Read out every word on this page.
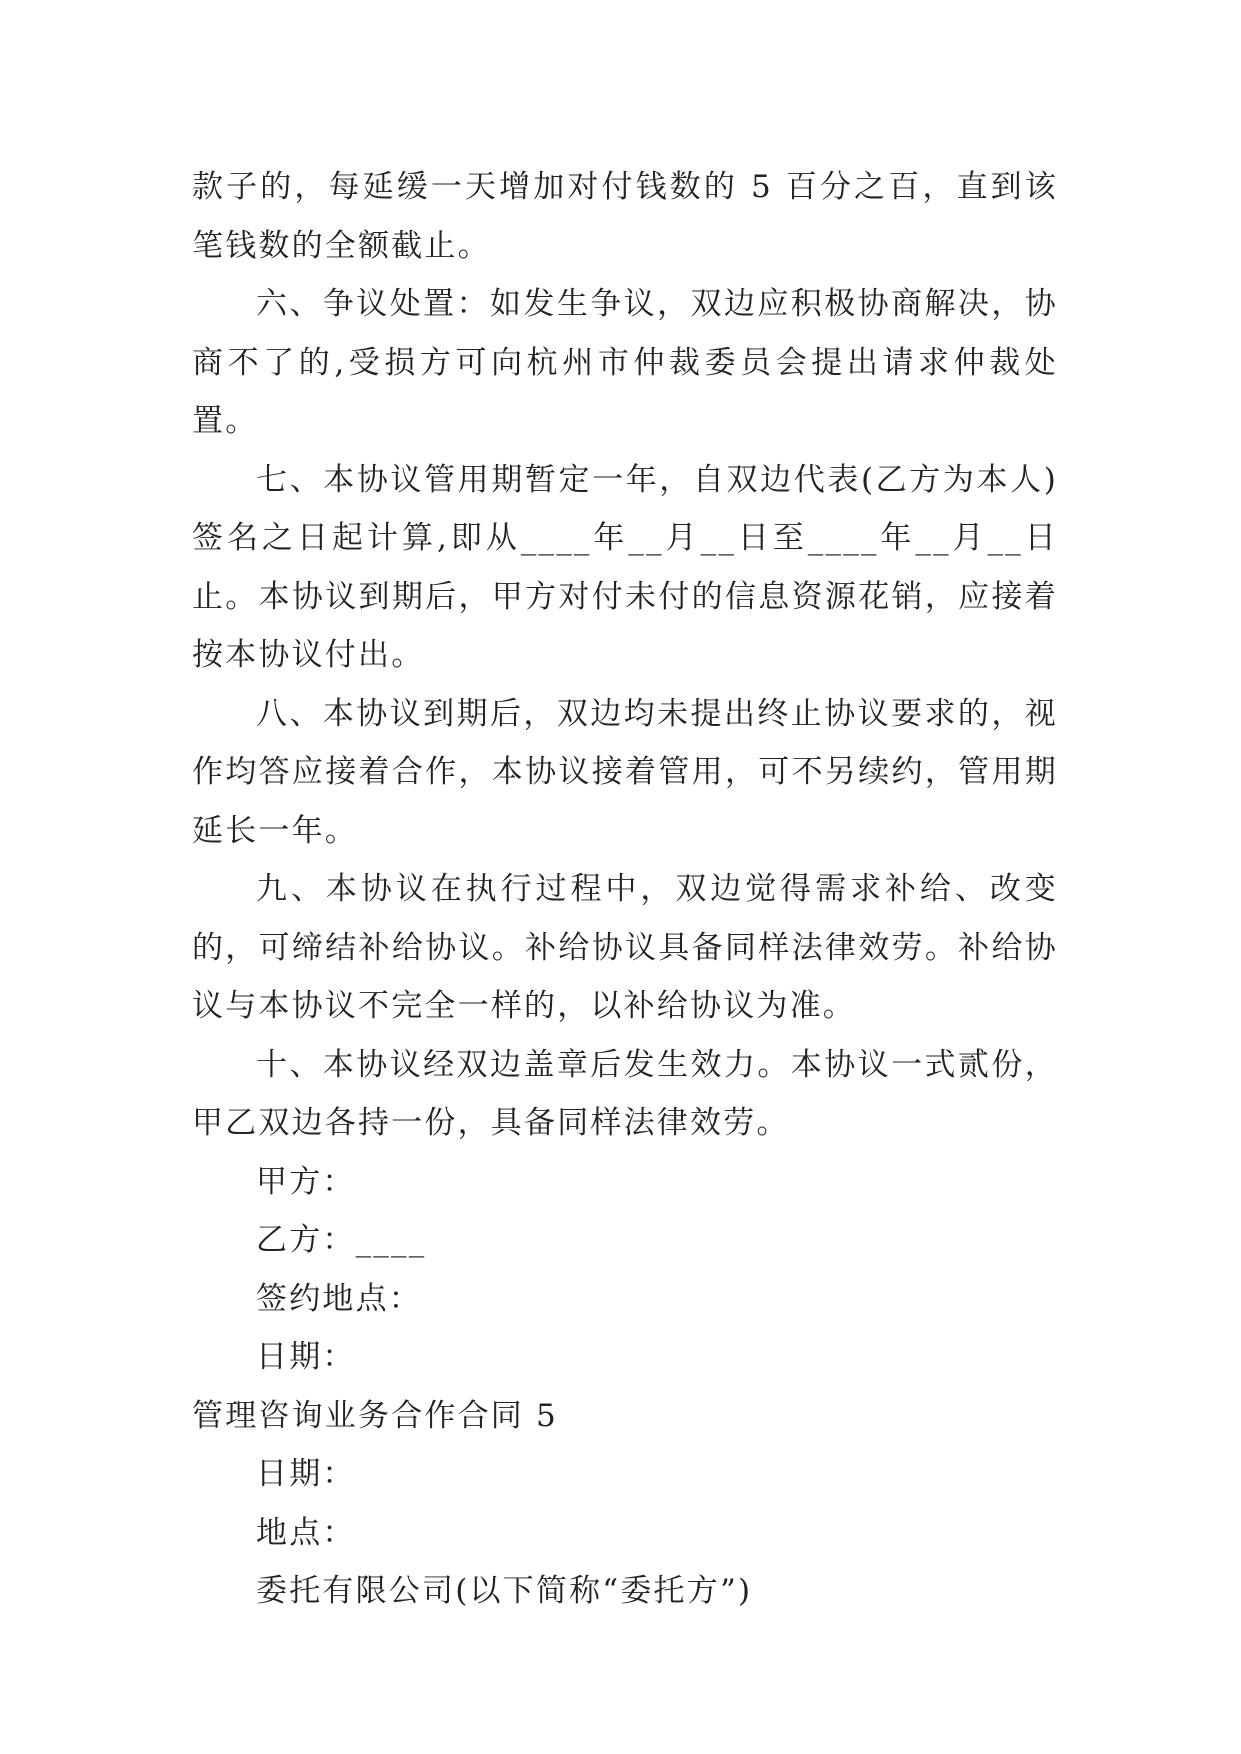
款子的，每延缓一天增加对付钱数的 5 百分之百，直到该笔钱数的全额截止。

六、争议处置：如发生争议，双边应积极协商解决，协商不了的,受损方可向杭州市仲裁委员会提出请求仲裁处置。

七、本协议管用期暂定一年，自双边代表(乙方为本人)签名之日起计算,即从____年__月__日至____年__月__日止。本协议到期后，甲方对付未付的信息资源花销，应接着按本协议付出。

八、本协议到期后，双边均未提出终止协议要求的，视作均答应接着合作，本协议接着管用，可不另续约，管用期延长一年。

九、本协议在执行过程中，双边觉得需求补给、改变的，可缔结补给协议。补给协议具备同样法律效劳。补给协议与本协议不完全一样的，以补给协议为准。

十、本协议经双边盖章后发生效力。本协议一式贰份，甲乙双边各持一份，具备同样法律效劳。

甲方：

乙方：____

签约地点：

日期：

管理咨询业务合作合同 5

日期：

地点：

委托有限公司(以下简称“委托方”)
